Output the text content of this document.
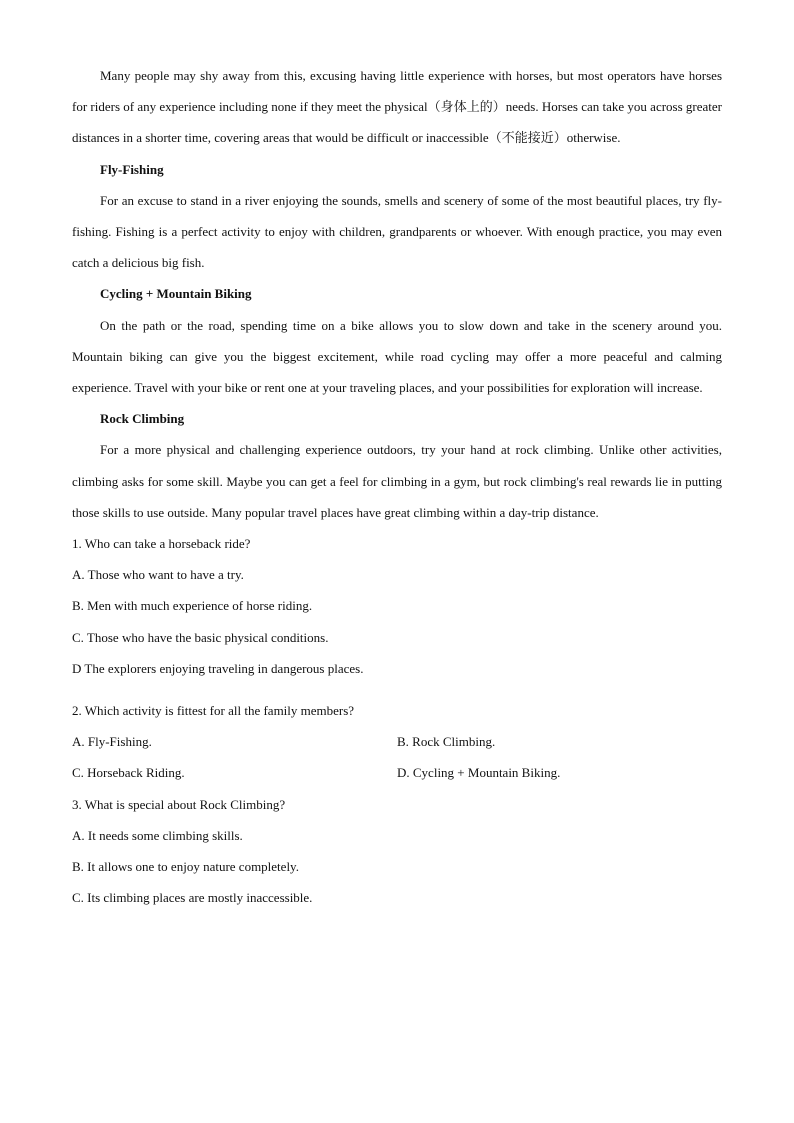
Many people may shy away from this, excusing having little experience with horses, but most operators have horses for riders of any experience including none if they meet the physical（身体上的）needs. Horses can take you across greater distances in a shorter time, covering areas that would be difficult or inaccessible（不能接近）otherwise.

Fly-Fishing

For an excuse to stand in a river enjoying the sounds, smells and scenery of some of the most beautiful places, try fly-fishing. Fishing is a perfect activity to enjoy with children, grandparents or whoever. With enough practice, you may even catch a delicious big fish.

Cycling + Mountain Biking

On the path or the road, spending time on a bike allows you to slow down and take in the scenery around you. Mountain biking can give you the biggest excitement, while road cycling may offer a more peaceful and calming experience. Travel with your bike or rent one at your traveling places, and your possibilities for exploration will increase.

Rock Climbing

For a more physical and challenging experience outdoors, try your hand at rock climbing. Unlike other activities, climbing asks for some skill. Maybe you can get a feel for climbing in a gym, but rock climbing's real rewards lie in putting those skills to use outside. Many popular travel places have great climbing within a day-trip distance.

1. Who can take a horseback ride?

A. Those who want to have a try.

B. Men with much experience of horse riding.

C. Those who have the basic physical conditions.

D The explorers enjoying traveling in dangerous places.

2. Which activity is fittest for all the family members?

A. Fly-Fishing.	B. Rock Climbing.
C. Horseback Riding.	D. Cycling + Mountain Biking.

3. What is special about Rock Climbing?

A. It needs some climbing skills.

B. It allows one to enjoy nature completely.

C. Its climbing places are mostly inaccessible.
